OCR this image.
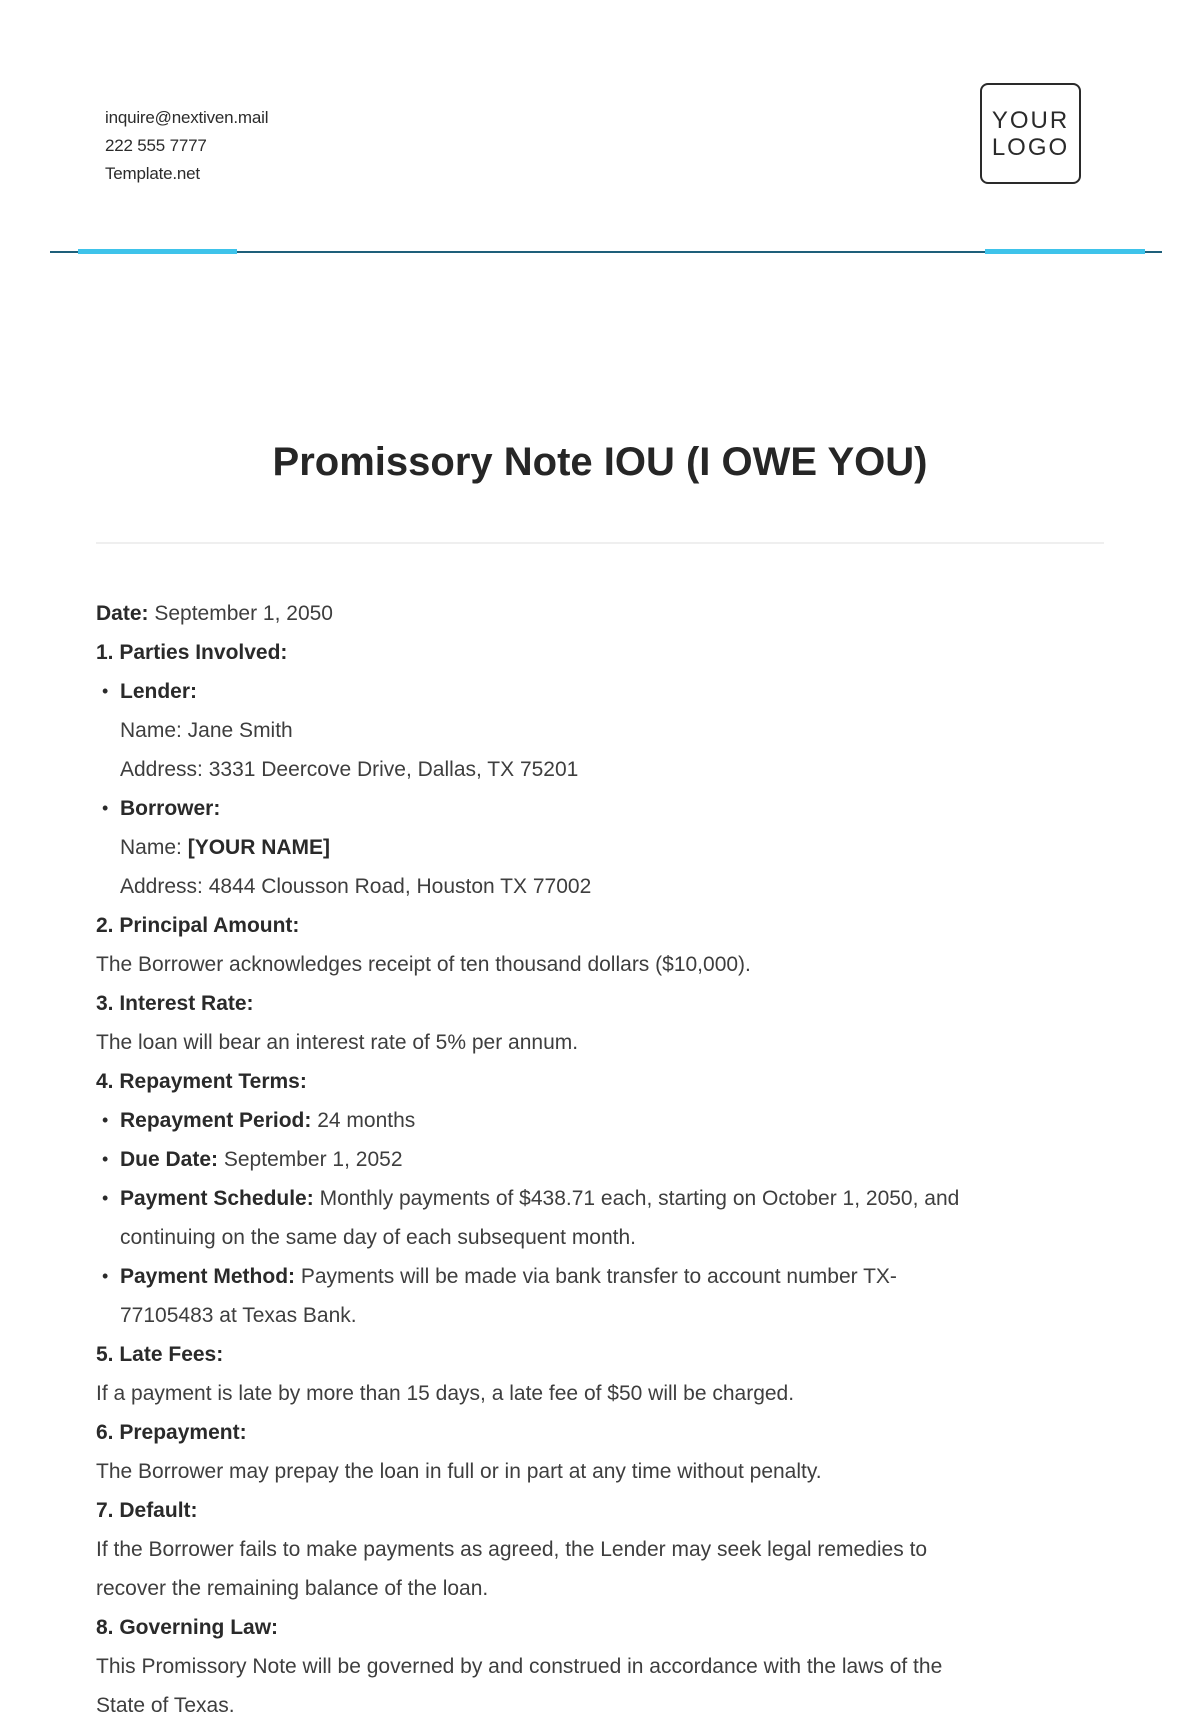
inquire@nextiven.mail
222 555 7777
Template.net
YOUR
LOGO
Promissory Note IOU (I OWE YOU)

Date: September 1, 2050

1. Parties Involved:

• Lender:

Name: Jane Smith

Address: 3331 Deercove Drive, Dallas, TX 75201

• Borrower:

Name: [YOUR NAME]

Address: 4844 Clousson Road, Houston TX 77002

2. Principal Amount:

The Borrower acknowledges receipt of ten thousand dollars ($10,000).

3. Interest Rate:

The loan will bear an interest rate of 5% per annum.

4. Repayment Terms:

• Repayment Period: 24 months

• Due Date: September 1, 2052

• Payment Schedule: Monthly payments of $438.71 each, starting on October 1, 2050, and

continuing on the same day of each subsequent month.

• Payment Method: Payments will be made via bank transfer to account number TX-

77105483 at Texas Bank.

5. Late Fees:

If a payment is late by more than 15 days, a late fee of $50 will be charged.

6. Prepayment:

The Borrower may prepay the loan in full or in part at any time without penalty.

7. Default:

If the Borrower fails to make payments as agreed, the Lender may seek legal remedies to

recover the remaining balance of the loan.

8. Governing Law:

This Promissory Note will be governed by and construed in accordance with the laws of the

State of Texas.
